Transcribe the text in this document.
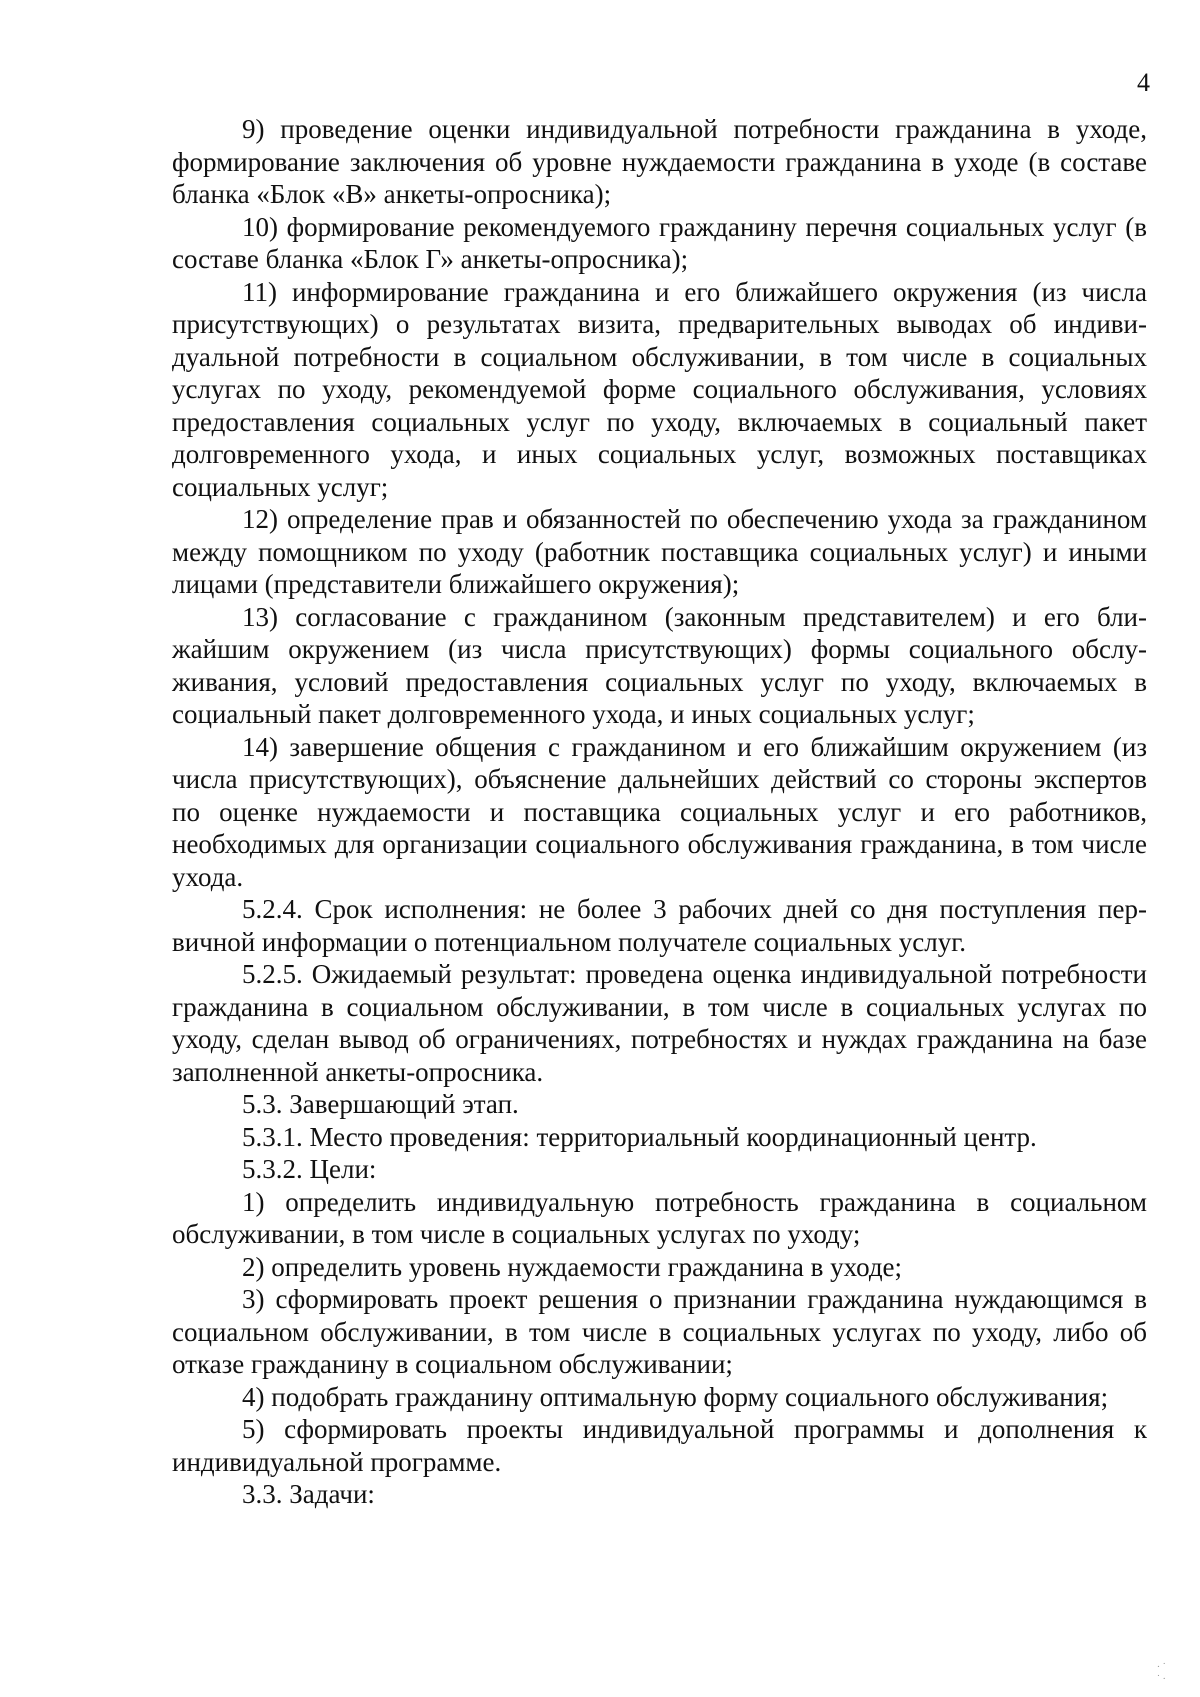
4

9) проведение оценки индивидуальной потребности гражданина в уходе, формирование заключения об уровне нуждаемости гражданина в уходе (в составе бланка «Блок «В» анкеты-опросника);

10) формирование рекомендуемого гражданину перечня социальных услуг (в составе бланка «Блок Г» анкеты-опросника);

11) информирование гражданина и его ближайшего окружения (из числа присутствующих) о результатах визита, предварительных выводах об индивидуальной потребности в социальном обслуживании, в том числе в социальных услугах по уходу, рекомендуемой форме социального обслуживания, условиях предоставления социальных услуг по уходу, включаемых в социальный пакет долговременного ухода, и иных социальных услуг, возможных поставщиках социальных услуг;

12) определение прав и обязанностей по обеспечению ухода за гражданином между помощником по уходу (работник поставщика социальных услуг) и иными лицами (представители ближайшего окружения);

13) согласование с гражданином (законным представителем) и его ближайшим окружением (из числа присутствующих) формы социального обслуживания, условий предоставления социальных услуг по уходу, включаемых в социальный пакет долговременного ухода, и иных социальных услуг;

14) завершение общения с гражданином и его ближайшим окружением (из числа присутствующих), объяснение дальнейших действий со стороны экспертов по оценке нуждаемости и поставщика социальных услуг и его работников, необходимых для организации социального обслуживания гражданина, в том числе ухода.

5.2.4. Срок исполнения: не более 3 рабочих дней со дня поступления первичной информации о потенциальном получателе социальных услуг.

5.2.5. Ожидаемый результат: проведена оценка индивидуальной потребности гражданина в социальном обслуживании, в том числе в социальных услугах по уходу, сделан вывод об ограничениях, потребностях и нуждах гражданина на базе заполненной анкеты-опросника.

5.3. Завершающий этап.

5.3.1. Место проведения: территориальный координационный центр.

5.3.2. Цели:

1) определить индивидуальную потребность гражданина в социальном обслуживании, в том числе в социальных услугах по уходу;

2) определить уровень нуждаемости гражданина в уходе;

3) сформировать проект решения о признании гражданина нуждающимся в социальном обслуживании, в том числе в социальных услугах по уходу, либо об отказе гражданину в социальном обслуживании;

4) подобрать гражданину оптимальную форму социального обслуживания;

5) сформировать проекты индивидуальной программы и дополнения к индивидуальной программе.

3.3. Задачи:

·˙
˙·
